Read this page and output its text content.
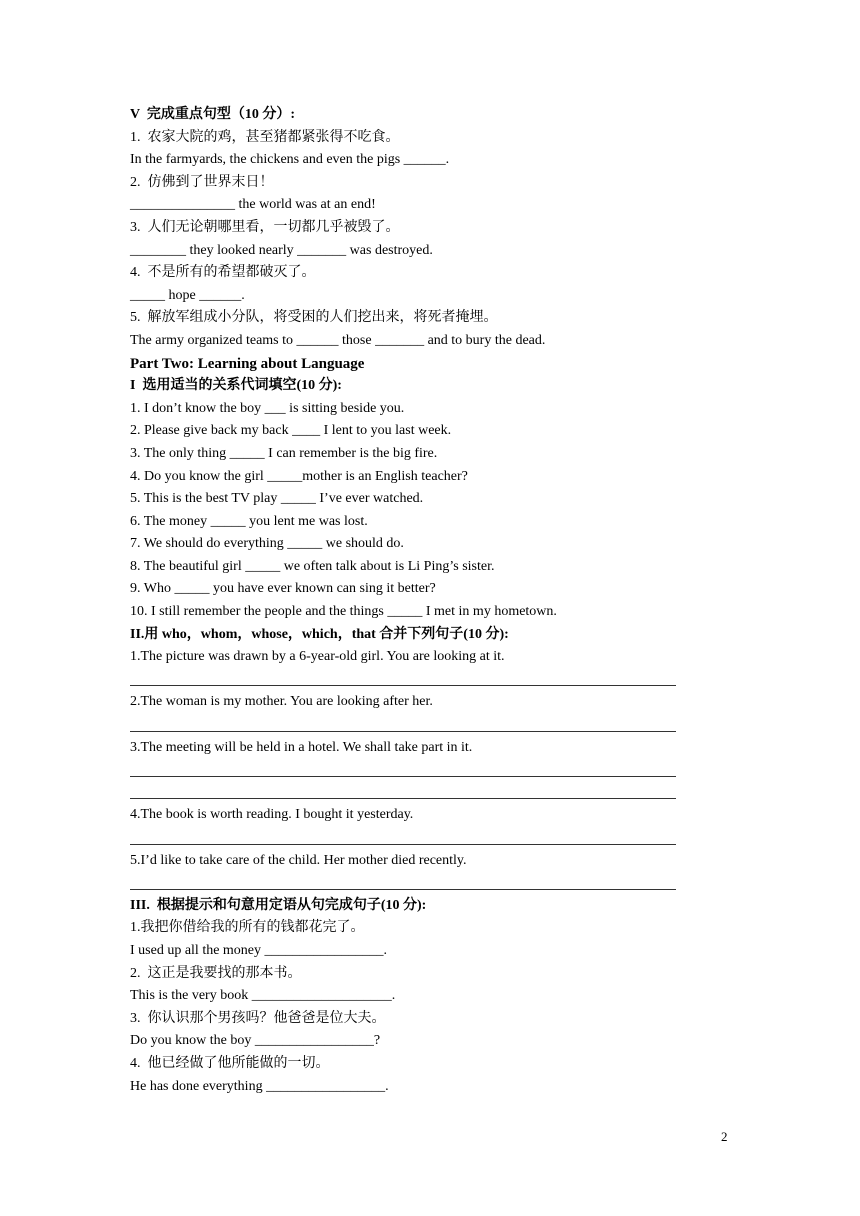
V  完成重点句型（10 分）:
1.  农家大院的鸡，甚至猪都紧张得不吃食。
In the farmyards, the chickens and even the pigs ______.
2.  仿佛到了世界末日！
_______________ the world was at an end!
3.  人们无论朝哪里看，一切都几乎被毁了。
________ they looked nearly _______ was destroyed.
4.  不是所有的希望都破灭了。
_____ hope ______.
5.  解放军组成小分队，将受困的人们挖出来，将死者掩埋。
The army organized teams to ______ those _______ and to bury the dead.
Part Two: Learning about Language
I  选用适当的关系代词填空(10 分):
1. I don’t know the boy ___ is sitting beside you.
2. Please give back my back ____ I lent to you last week.
3. The only thing _____ I can remember is the big fire.
4. Do you know the girl _____mother is an English teacher?
5. This is the best TV play _____ I’ve ever watched.
6. The money _____ you lent me was lost.
7. We should do everything _____ we should do.
8. The beautiful girl _____ we often talk about is Li Ping’s sister.
9. Who _____ you have ever known can sing it better?
10. I still remember the people and the things _____ I met in my hometown.
II.用 who，whom，whose，which，that 合并下列句子(10 分):
1.The picture was drawn by a 6-year-old girl. You are looking at it.
2.The woman is my mother. You are looking after her.
3.The meeting will be held in a hotel. We shall take part in it.
4.The book is worth reading. I bought it yesterday.
5.I’d like to take care of the child. Her mother died recently.
III.  根据提示和句意用定语从句完成句子(10 分):
1.我把你借给我的所有的钱都花完了。
I used up all the money _________________.
2.  这正是我要找的那本书。
This is the very book ____________________.
3.  你认识那个男孩吗？他爸爸是位大夫。
Do you know the boy _________________?
4.  他已经做了他所能做的一切。
He has done everything _________________.
2
